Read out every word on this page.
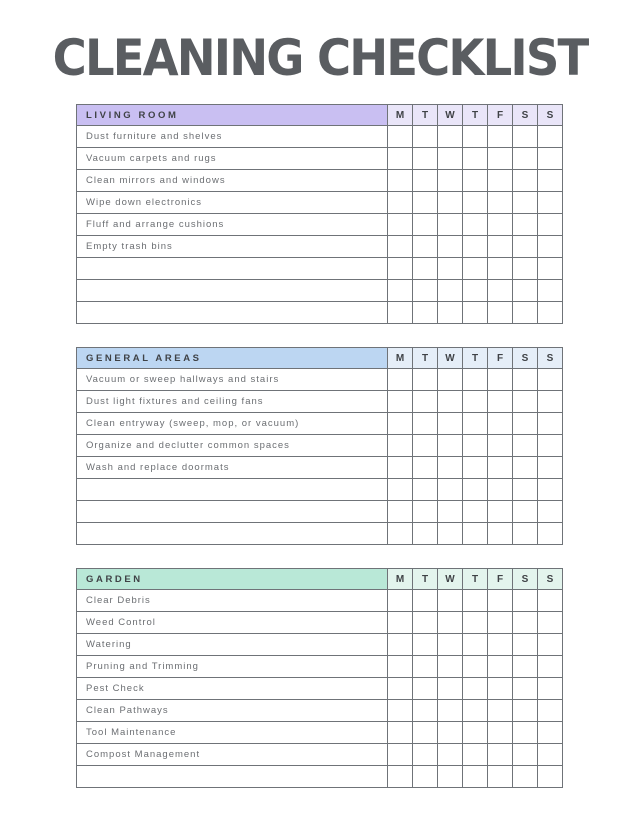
CLEANING CHECKLIST
LIVING ROOM	M	T	W	T	F	S	S
Dust furniture and shelves							
Vacuum carpets and rugs							
Clean mirrors and windows							
Wipe down electronics							
Fluff and arrange cushions							
Empty trash bins							

GENERAL AREAS	M	T	W	T	F	S	S
Vacuum or sweep hallways and stairs							
Dust light fixtures and ceiling fans							
Clean entryway (sweep, mop, or vacuum)							
Organize and declutter common spaces							
Wash and replace doormats							

GARDEN	M	T	W	T	F	S	S
Clear Debris							
Weed Control							
Watering							
Pruning and Trimming							
Pest Check							
Clean Pathways							
Tool Maintenance							
Compost Management							
